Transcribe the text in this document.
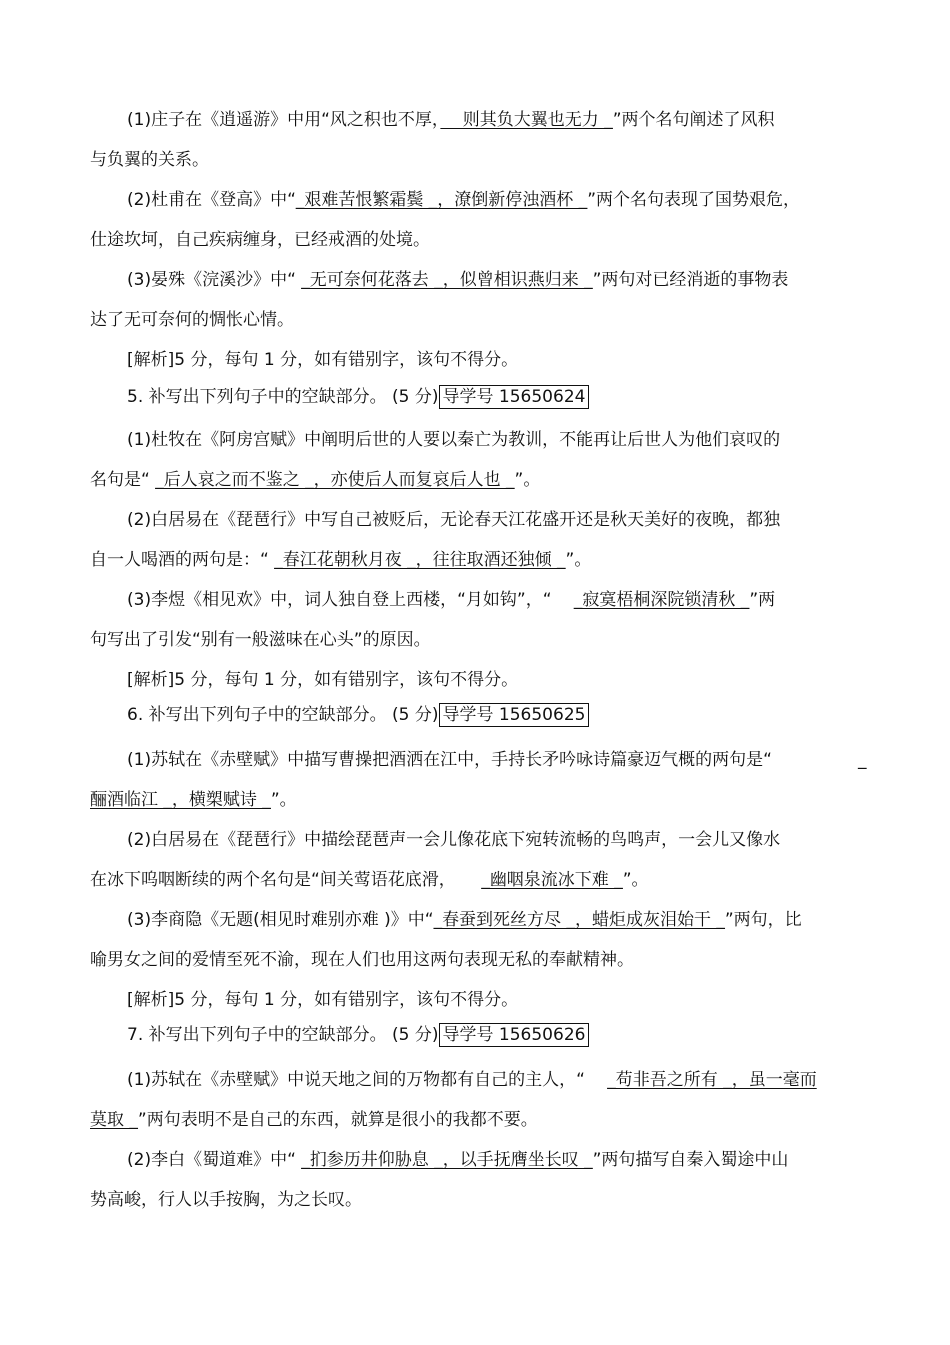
(1)庄子在《逍遥游》中用“风之积也不厚，　 则其负大翼也无力 _”两个名句阐述了风积
与负翼的关系。
(2)杜甫在《登高》中“_艰难苦恨繁霜鬓 _，潦倒新停浊酒杯 _”两个名句表现了国势艰危，
仕途坎坷，自己疾病缠身，已经戒酒的处境。
(3)晏殊《浣溪沙》中“ _无可奈何花落去 _，似曾相识燕归来 _”两句对已经消逝的事物表
达了无可奈何的惆怅心情。
[解析]5 分，每句 1 分，如有错别字，该句不得分。
5. 补写出下列句子中的空缺部分。 (5 分) 导学号 15650624
(1)杜牧在《阿房宫赋》中阐明后世的人要以秦亡为教训，不能再让后世人为他们哀叹的
名句是“ _后人哀之而不鉴之 _，亦使后人而复哀后人也 _”。
(2)白居易在《琵琶行》中写自己被贬后，无论春天江花盛开还是秋天美好的夜晚，都独
自一人喝酒的两句是：“ _春江花朝秋月夜 _，往往取酒还独倾 _”。
(3)李煜《相见欢》中，词人独自登上西楼，“月如钩”，“ 　_寂寞梧桐深院锁清秋 _”两
句写出了引发“别有一般滋味在心头”的原因。
[解析]5 分，每句 1 分，如有错别字，该句不得分。
6. 补写出下列句子中的空缺部分。 (5 分) 导学号 15650625
(1)苏轼在《赤壁赋》中描写曹操把酒洒在江中，手持长矛吟咏诗篇豪迈气概的两句是“	_
酾酒临江 _，横槊赋诗 _”。
(2)白居易在《琵琶行》中描绘琵琶声一会儿像花底下宛转流畅的鸟鸣声，一会儿又像水
在冰下呜咽断续的两个名句是“间关莺语花底滑，　　_幽咽泉流冰下难 _”。
(3)李商隐《无题(相见时难别亦难 )》中“_春蚕到死丝方尽 _，蜡炬成灰泪始干 _”两句，比
喻男女之间的爱情至死不渝，现在人们也用这两句表现无私的奉献精神。
[解析]5 分，每句 1 分，如有错别字，该句不得分。
7. 补写出下列句子中的空缺部分。 (5 分) 导学号 15650626
(1)苏轼在《赤壁赋》中说天地之间的万物都有自己的主人，“ 　_苟非吾之所有 _，虽一毫而
莫取 _”两句表明不是自己的东西，就算是很小的我都不要。
(2)李白《蜀道难》中“ _扪参历井仰胁息 _，以手抚膺坐长叹 _”两句描写自秦入蜀途中山
势高峻，行人以手按胸，为之长叹。
